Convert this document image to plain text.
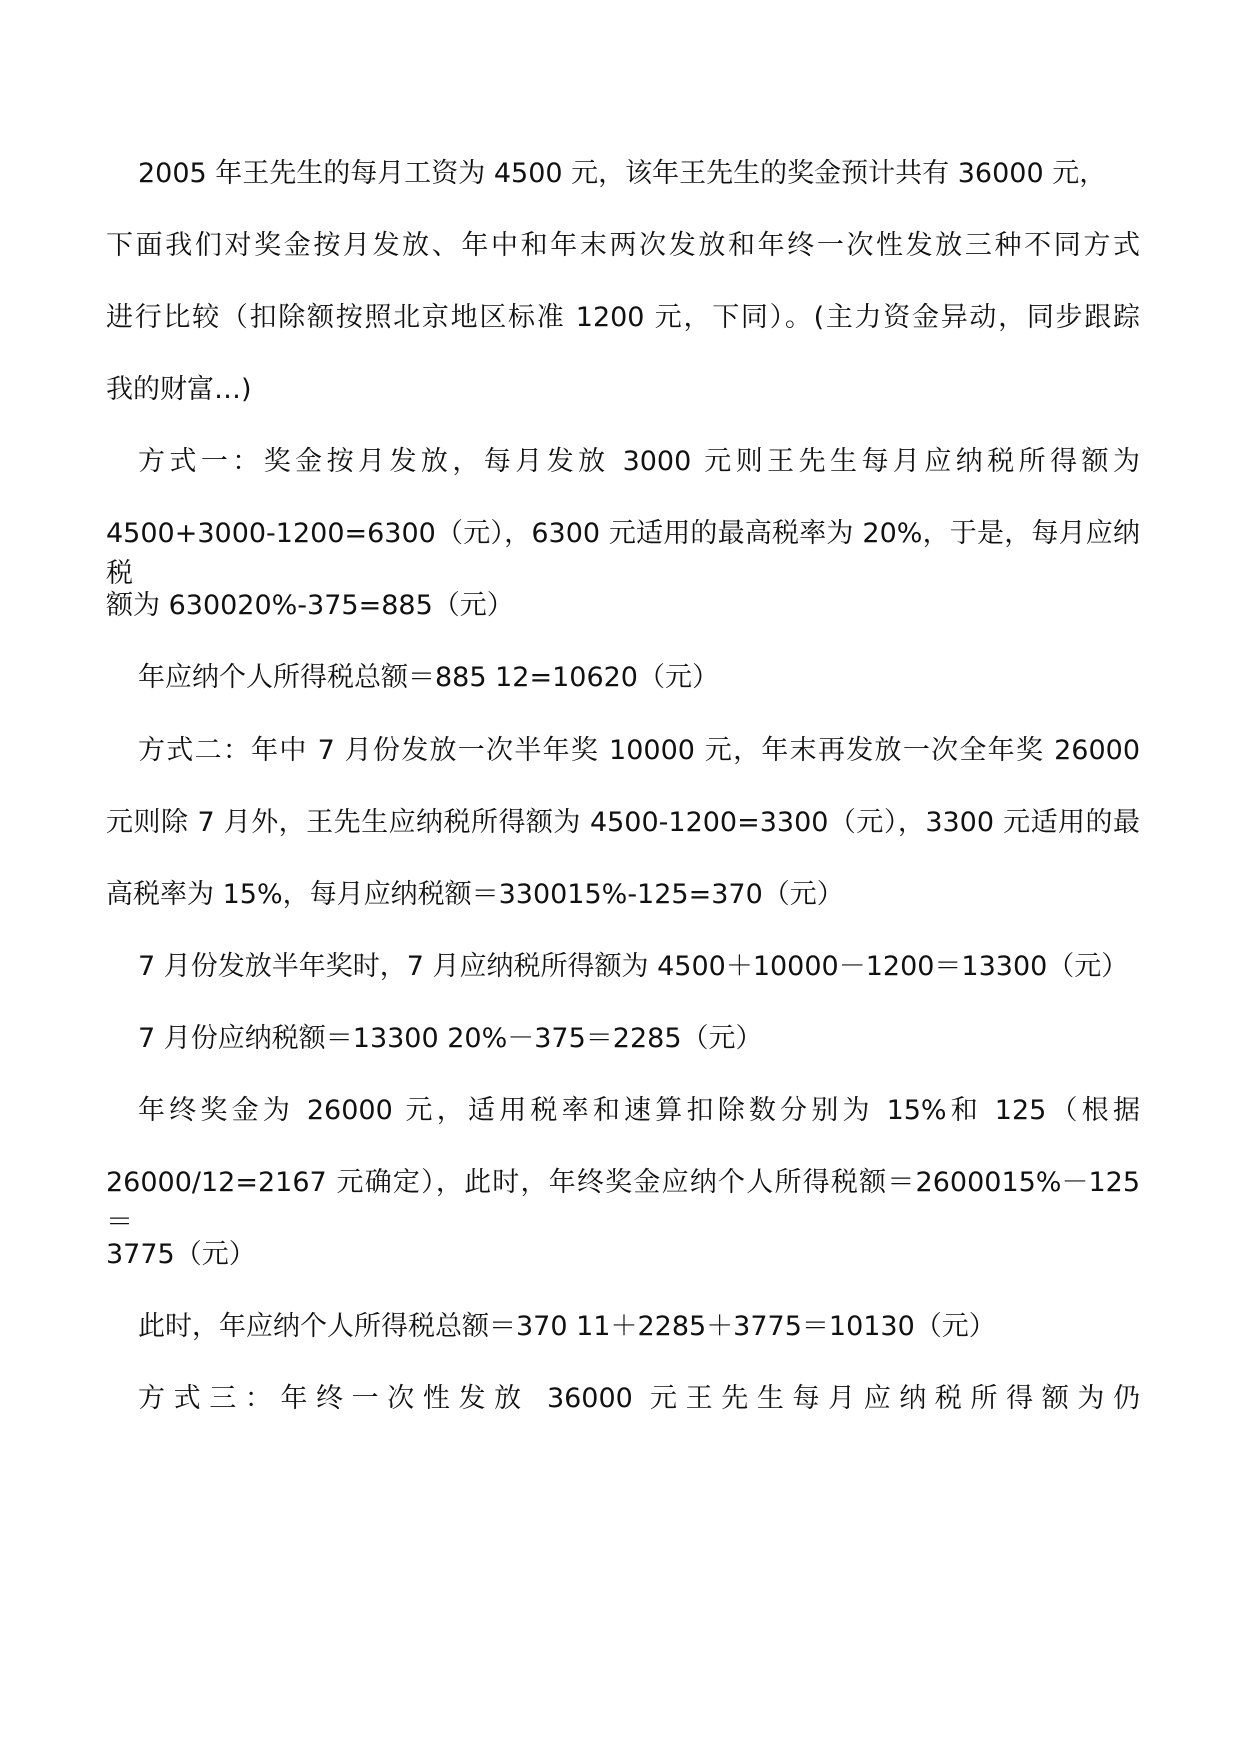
2005 年王先生的每月工资为 4500 元，该年王先生的奖金预计共有 36000 元，

下面我们对奖金按月发放、年中和年末两次发放和年终一次性发放三种不同方式

进行比较（扣除额按照北京地区标准 1200 元，下同）。(主力资金异动，同步跟踪

我的财富…)

方式一：奖金按月发放，每月发放 3000 元则王先生每月应纳税所得额为

4500+3000-1200=6300（元），6300 元适用的最高税率为 20%，于是，每月应纳税

额为 630020%-375=885（元）

年应纳个人所得税总额＝885 12=10620（元）

方式二：年中 7 月份发放一次半年奖 10000 元，年末再发放一次全年奖 26000

元则除 7 月外，王先生应纳税所得额为 4500-1200=3300（元），3300 元适用的最

高税率为 15%，每月应纳税额＝330015%-125=370（元）

7 月份发放半年奖时，7 月应纳税所得额为 4500＋10000－1200＝13300（元）

7 月份应纳税额＝13300 20%－375＝2285（元）

年终奖金为 26000 元，适用税率和速算扣除数分别为 15%和 125（根据

26000/12=2167 元确定），此时，年终奖金应纳个人所得税额＝2600015%－125＝

3775（元）

此时，年应纳个人所得税总额＝370 11＋2285＋3775＝10130（元）

方式三：年终一次性发放 36000 元王先生每月应纳税所得额为仍
